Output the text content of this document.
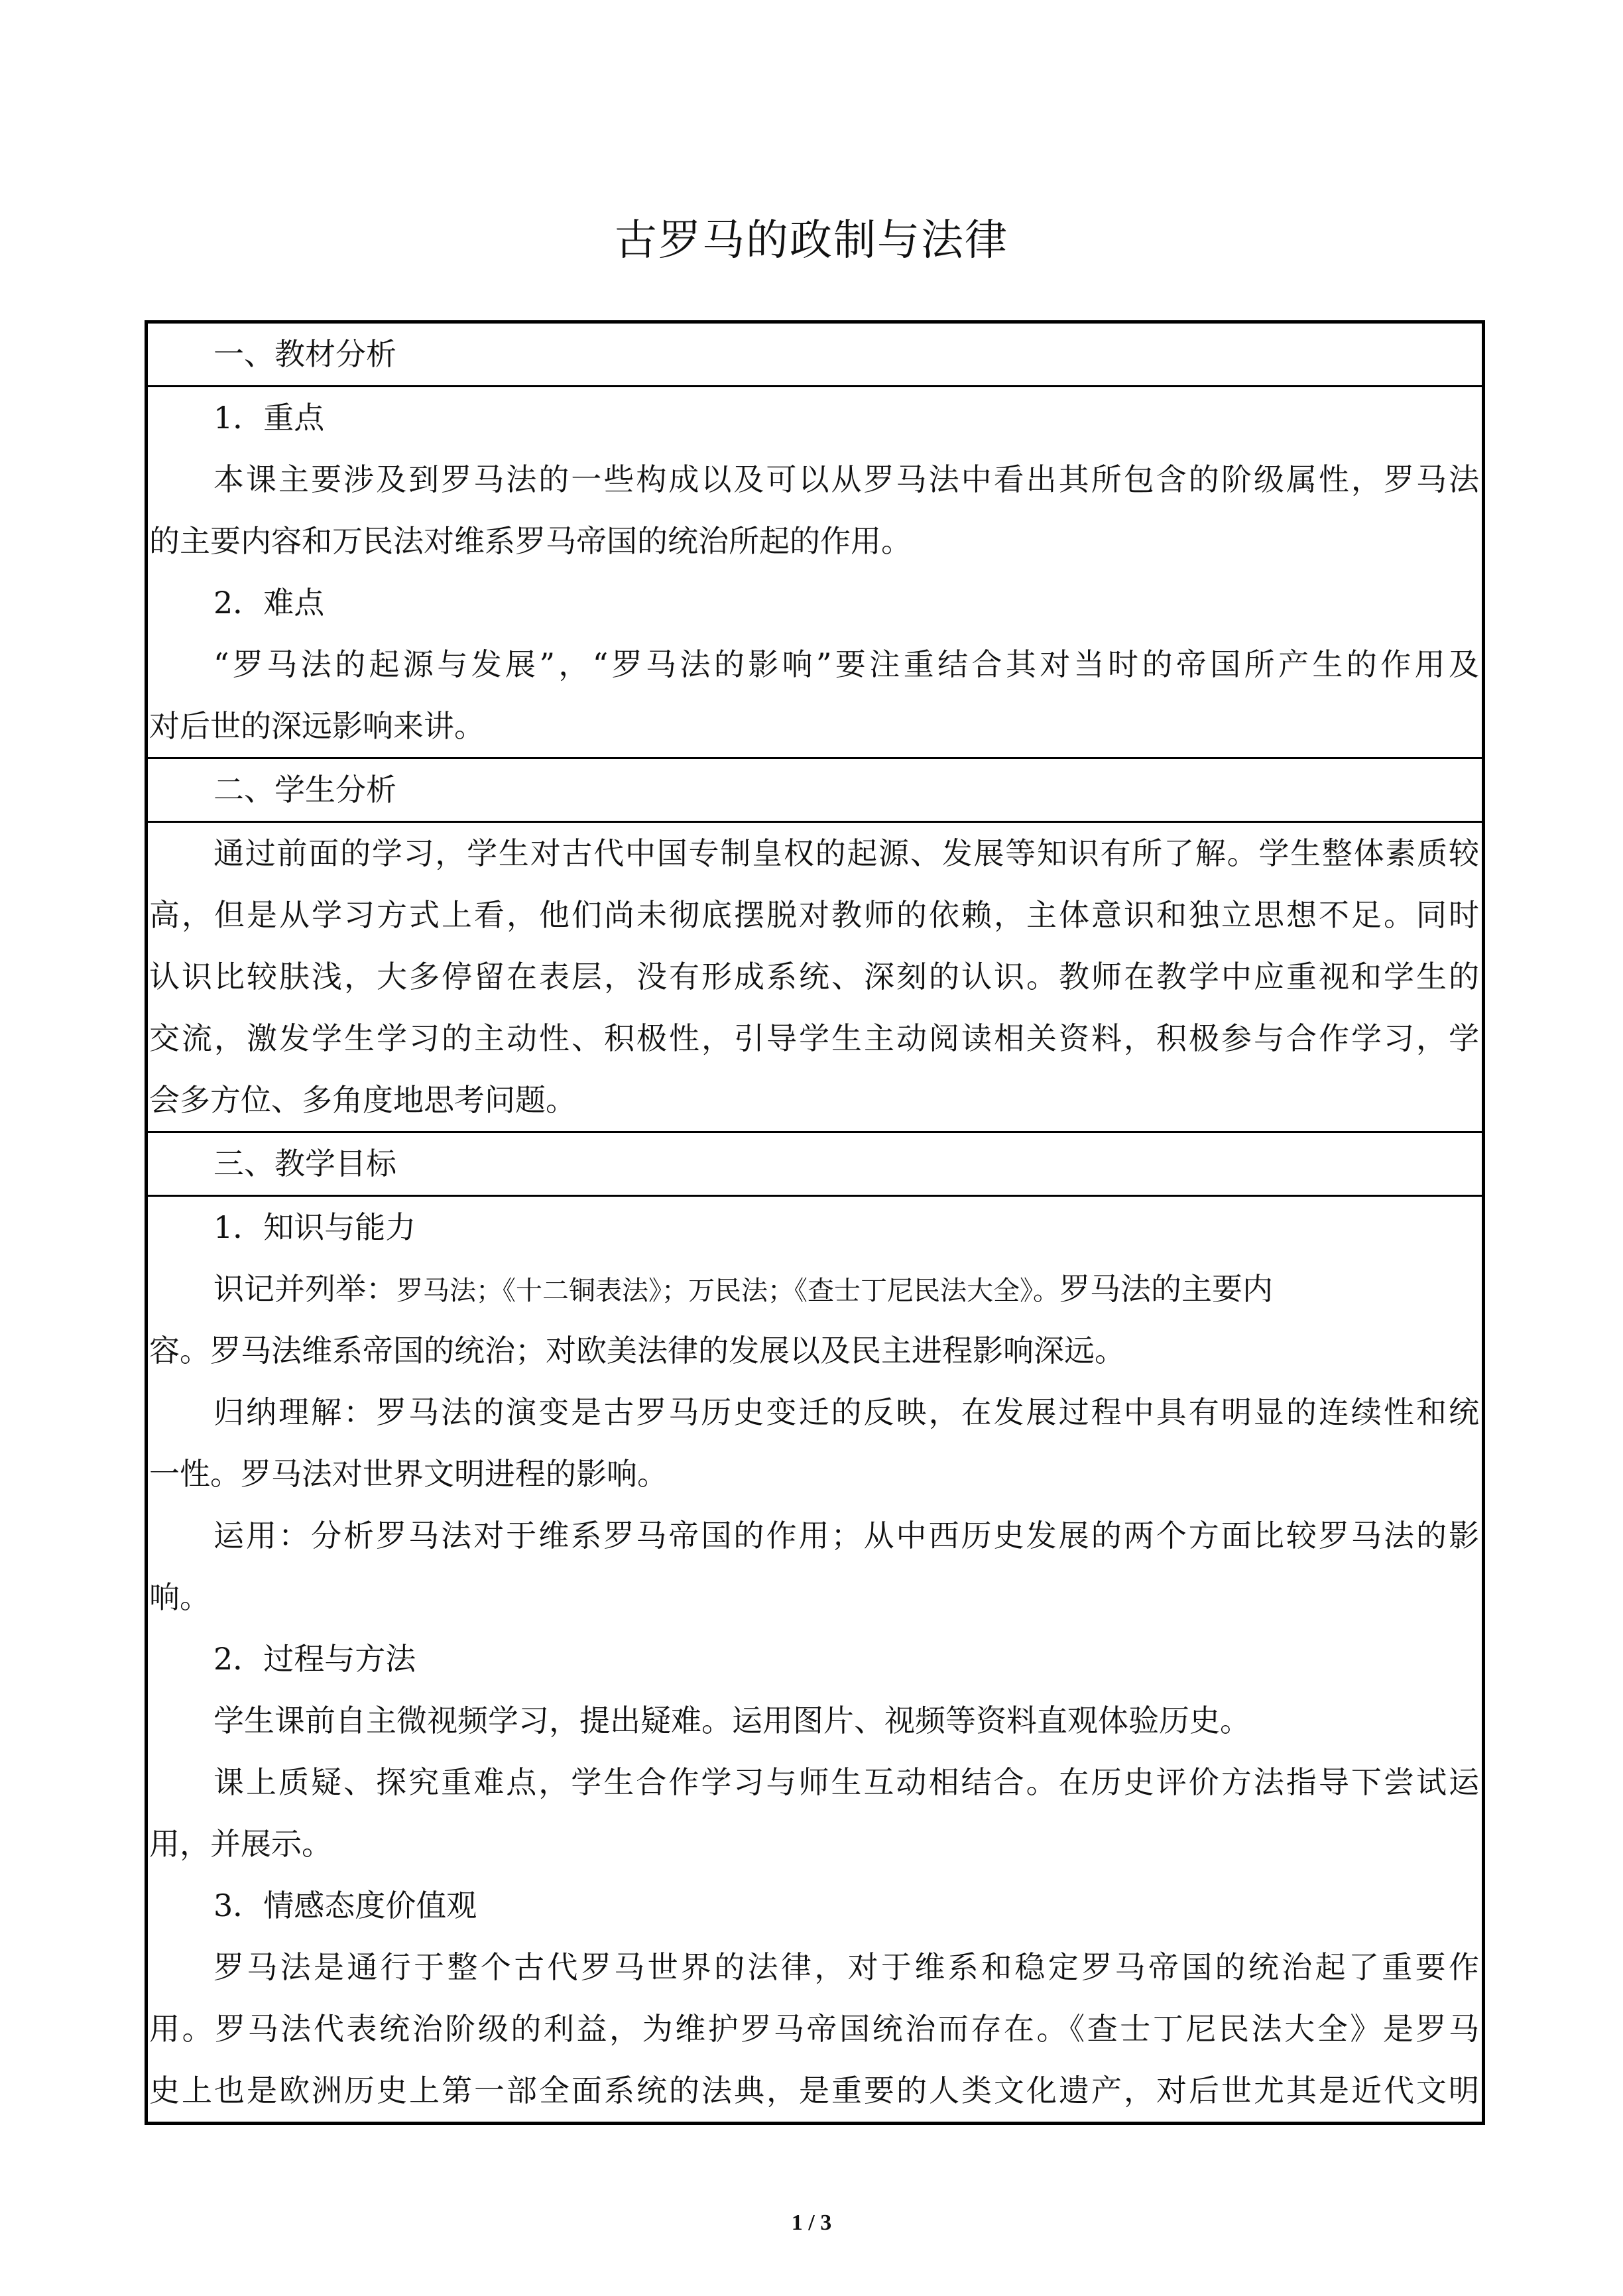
古罗马的政制与法律
一、教材分析
1．重点
本课主要涉及到罗马法的一些构成以及可以从罗马法中看出其所包含的阶级属性，罗马法
的主要内容和万民法对维系罗马帝国的统治所起的作用。
2．难点
“罗马法的起源与发展”，“罗马法的影响”要注重结合其对当时的帝国所产生的作用及
对后世的深远影响来讲。
二、学生分析
通过前面的学习，学生对古代中国专制皇权的起源、发展等知识有所了解。学生整体素质较
高，但是从学习方式上看，他们尚未彻底摆脱对教师的依赖，主体意识和独立思想不足。同时
认识比较肤浅，大多停留在表层，没有形成系统、深刻的认识。教师在教学中应重视和学生的
交流，激发学生学习的主动性、积极性，引导学生主动阅读相关资料，积极参与合作学习，学
会多方位、多角度地思考问题。
三、教学目标
1．知识与能力
识记并列举：罗马法；《十二铜表法》；万民法；《查士丁尼民法大全》。罗马法的主要内
容。罗马法维系帝国的统治；对欧美法律的发展以及民主进程影响深远。
归纳理解：罗马法的演变是古罗马历史变迁的反映，在发展过程中具有明显的连续性和统
一性。罗马法对世界文明进程的影响。
运用：分析罗马法对于维系罗马帝国的作用；从中西历史发展的两个方面比较罗马法的影
响。
2．过程与方法
学生课前自主微视频学习，提出疑难。运用图片、视频等资料直观体验历史。
课上质疑、探究重难点，学生合作学习与师生互动相结合。在历史评价方法指导下尝试运
用，并展示。
3．情感态度价值观
罗马法是通行于整个古代罗马世界的法律，对于维系和稳定罗马帝国的统治起了重要作
用。罗马法代表统治阶级的利益，为维护罗马帝国统治而存在。《查士丁尼民法大全》是罗马
史上也是欧洲历史上第一部全面系统的法典，是重要的人类文化遗产，对后世尤其是近代文明
1 / 3
